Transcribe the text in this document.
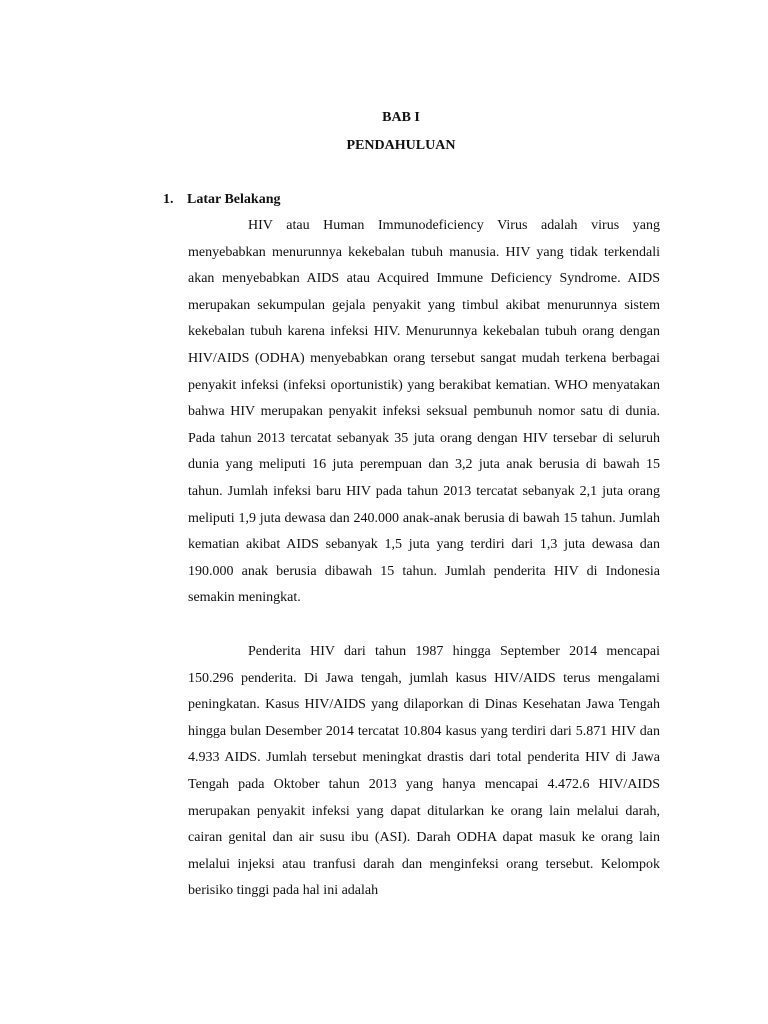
BAB I
PENDAHULUAN
1. Latar Belakang

HIV atau Human Immunodeficiency Virus adalah virus yang menyebabkan menurunnya kekebalan tubuh manusia. HIV yang tidak terkendali akan menyebabkan AIDS atau Acquired Immune Deficiency Syndrome. AIDS merupakan sekumpulan gejala penyakit yang timbul akibat menurunnya sistem kekebalan tubuh karena infeksi HIV. Menurunnya kekebalan tubuh orang dengan HIV/AIDS (ODHA) menyebabkan orang tersebut sangat mudah terkena berbagai penyakit infeksi (infeksi oportunistik) yang berakibat kematian. WHO menyatakan bahwa HIV merupakan penyakit infeksi seksual pembunuh nomor satu di dunia. Pada tahun 2013 tercatat sebanyak 35 juta orang dengan HIV tersebar di seluruh dunia yang meliputi 16 juta perempuan dan 3,2 juta anak berusia di bawah 15 tahun. Jumlah infeksi baru HIV pada tahun 2013 tercatat sebanyak 2,1 juta orang meliputi 1,9 juta dewasa dan 240.000 anak-anak berusia di bawah 15 tahun. Jumlah kematian akibat AIDS sebanyak 1,5 juta yang terdiri dari 1,3 juta dewasa dan 190.000 anak berusia dibawah 15 tahun. Jumlah penderita HIV di Indonesia semakin meningkat.

Penderita HIV dari tahun 1987 hingga September 2014 mencapai 150.296 penderita. Di Jawa tengah, jumlah kasus HIV/AIDS terus mengalami peningkatan. Kasus HIV/AIDS yang dilaporkan di Dinas Kesehatan Jawa Tengah hingga bulan Desember 2014 tercatat 10.804 kasus yang terdiri dari 5.871 HIV dan 4.933 AIDS. Jumlah tersebut meningkat drastis dari total penderita HIV di Jawa Tengah pada Oktober tahun 2013 yang hanya mencapai 4.472.6 HIV/AIDS merupakan penyakit infeksi yang dapat ditularkan ke orang lain melalui darah, cairan genital dan air susu ibu (ASI). Darah ODHA dapat masuk ke orang lain melalui injeksi atau tranfusi darah dan menginfeksi orang tersebut. Kelompok berisiko tinggi pada hal ini adalah
